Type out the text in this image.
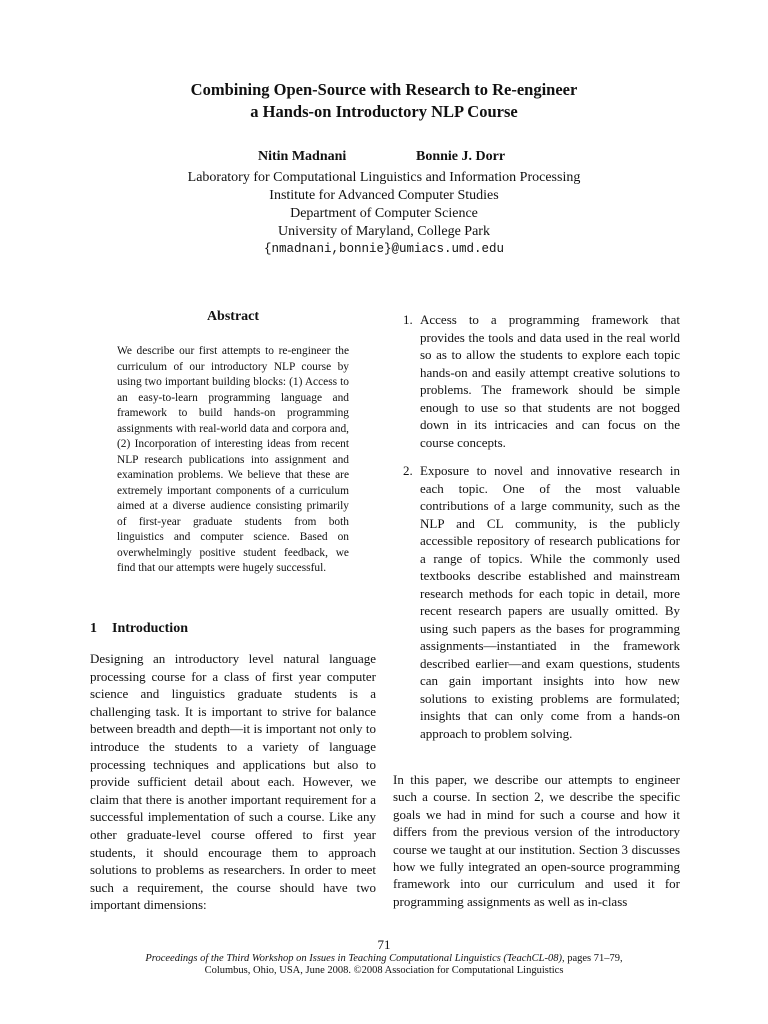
Combining Open-Source with Research to Re-engineer
a Hands-on Introductory NLP Course
Nitin Madnani	Bonnie J. Dorr
Laboratory for Computational Linguistics and Information Processing
Institute for Advanced Computer Studies
Department of Computer Science
University of Maryland, College Park
{nmadnani,bonnie}@umiacs.umd.edu
Abstract

We describe our first attempts to re-engineer the curriculum of our introductory NLP course by using two important building blocks: (1) Access to an easy-to-learn programming language and framework to build hands-on programming assignments with real-world data and corpora and, (2) Incorporation of interesting ideas from recent NLP research publications into assignment and examination problems. We believe that these are extremely important components of a curriculum aimed at a diverse audience consisting primarily of first-year graduate students from both linguistics and computer science. Based on overwhelmingly positive student feedback, we find that our attempts were hugely successful.

1 Introduction

Designing an introductory level natural language processing course for a class of first year computer science and linguistics graduate students is a challenging task. It is important to strive for balance between breadth and depth—it is important not only to introduce the students to a variety of language processing techniques and applications but also to provide sufficient detail about each. However, we claim that there is another important requirement for a successful implementation of such a course. Like any other graduate-level course offered to first year students, it should encourage them to approach solutions to problems as researchers. In order to meet such a requirement, the course should have two important dimensions:

1. Access to a programming framework that provides the tools and data used in the real world so as to allow the students to explore each topic hands-on and easily attempt creative solutions to problems. The framework should be simple enough to use so that students are not bogged down in its intricacies and can focus on the course concepts.
2. Exposure to novel and innovative research in each topic. One of the most valuable contributions of a large community, such as the NLP and CL community, is the publicly accessible repository of research publications for a range of topics. While the commonly used textbooks describe established and mainstream research methods for each topic in detail, more recent research papers are usually omitted. By using such papers as the bases for programming assignments—instantiated in the framework described earlier—and exam questions, students can gain important insights into how new solutions to existing problems are formulated; insights that can only come from a hands-on approach to problem solving.

In this paper, we describe our attempts to engineer such a course. In section 2, we describe the specific goals we had in mind for such a course and how it differs from the previous version of the introductory course we taught at our institution. Section 3 discusses how we fully integrated an open-source programming framework into our curriculum and used it for programming assignments as well as in-class

71
Proceedings of the Third Workshop on Issues in Teaching Computational Linguistics (TeachCL-08), pages 71–79,
Columbus, Ohio, USA, June 2008. ©2008 Association for Computational Linguistics
